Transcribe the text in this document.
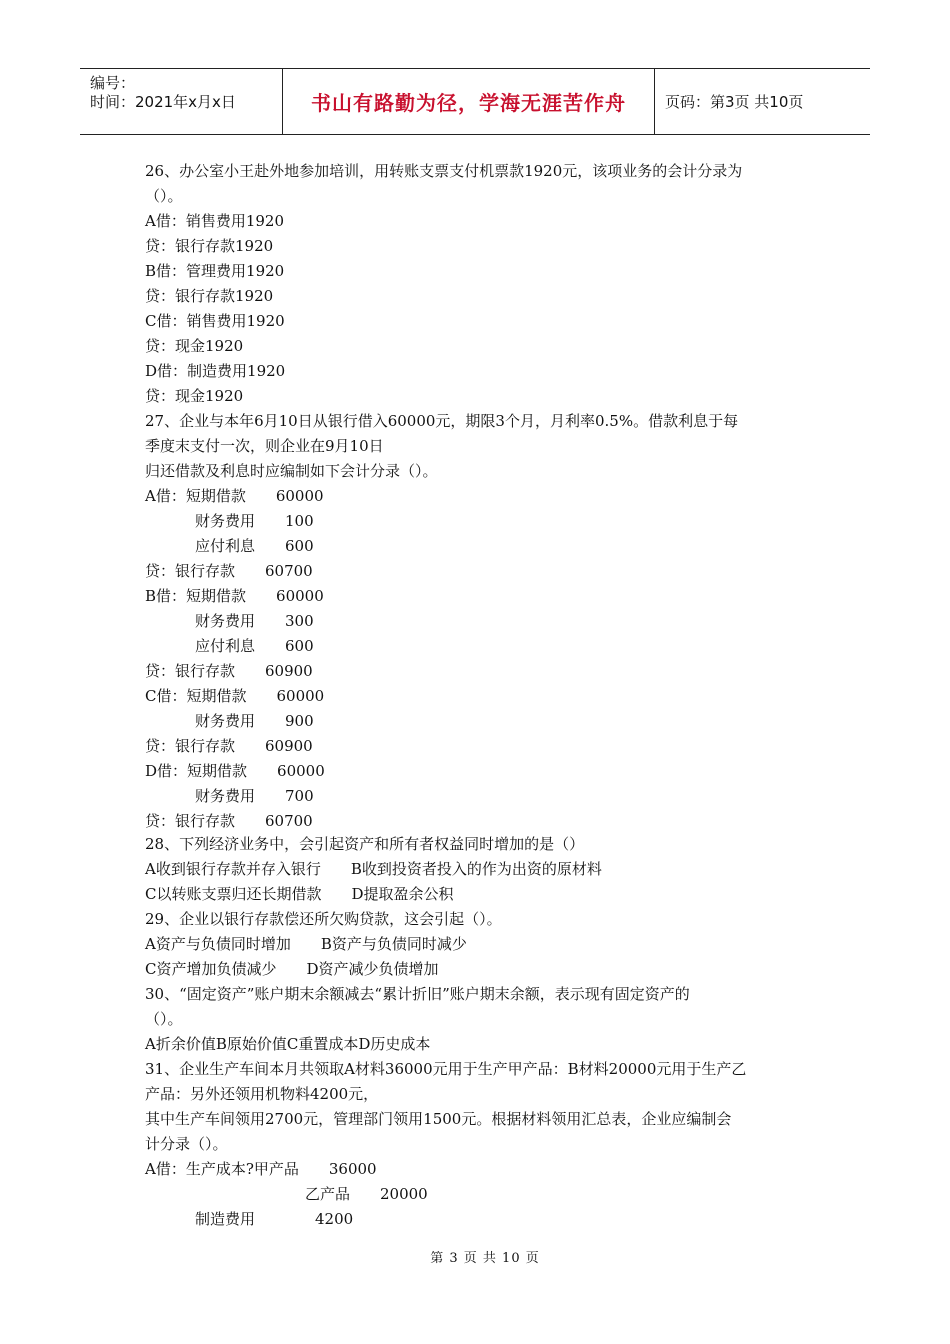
编号：
时间：2021年x月x日	书山有路勤为径，学海无涯苦作舟	页码：第3页 共10页
26、办公室小王赴外地参加培训，用转账支票支付机票款1920元，该项业务的会计分录为
（）。
A借：销售费用1920
贷：银行存款1920
B借：管理费用1920
贷：银行存款1920
C借：销售费用1920
贷：现金1920
D借：制造费用1920
贷：现金1920
27、企业与本年6月10日从银行借入60000元，期限3个月，月利率0.5%。借款利息于每
季度末支付一次，则企业在9月10日
归还借款及利息时应编制如下会计分录（）。
A借：短期借款　　60000
财务费用　　100
应付利息　　600
贷：银行存款　　60700
B借：短期借款　　60000
财务费用　　300
应付利息　　600
贷：银行存款　　60900
C借：短期借款　　60000
财务费用　　900
贷：银行存款　　60900
D借：短期借款　　60000
财务费用　　700
贷：银行存款　　60700
28、下列经济业务中，会引起资产和所有者权益同时增加的是（）
A收到银行存款并存入银行　　B收到投资者投入的作为出资的原材料
C以转账支票归还长期借款　　D提取盈余公积
29、企业以银行存款偿还所欠购贷款，这会引起（）。
A资产与负债同时增加　　B资产与负债同时减少
C资产增加负债减少　　D资产减少负债增加
30、“固定资产”账户期末余额减去“累计折旧”账户期末余额，表示现有固定资产的
（）。
A折余价值B原始价值C重置成本D历史成本
31、企业生产车间本月共领取A材料36000元用于生产甲产品：B材料20000元用于生产乙
产品：另外还领用机物料4200元，
其中生产车间领用2700元，管理部门领用1500元。根据材料领用汇总表，企业应编制会
计分录（）。
A借：生产成本?甲产品　　36000
乙产品　　20000
制造费用　　　　4200
第 3 页 共 10 页
